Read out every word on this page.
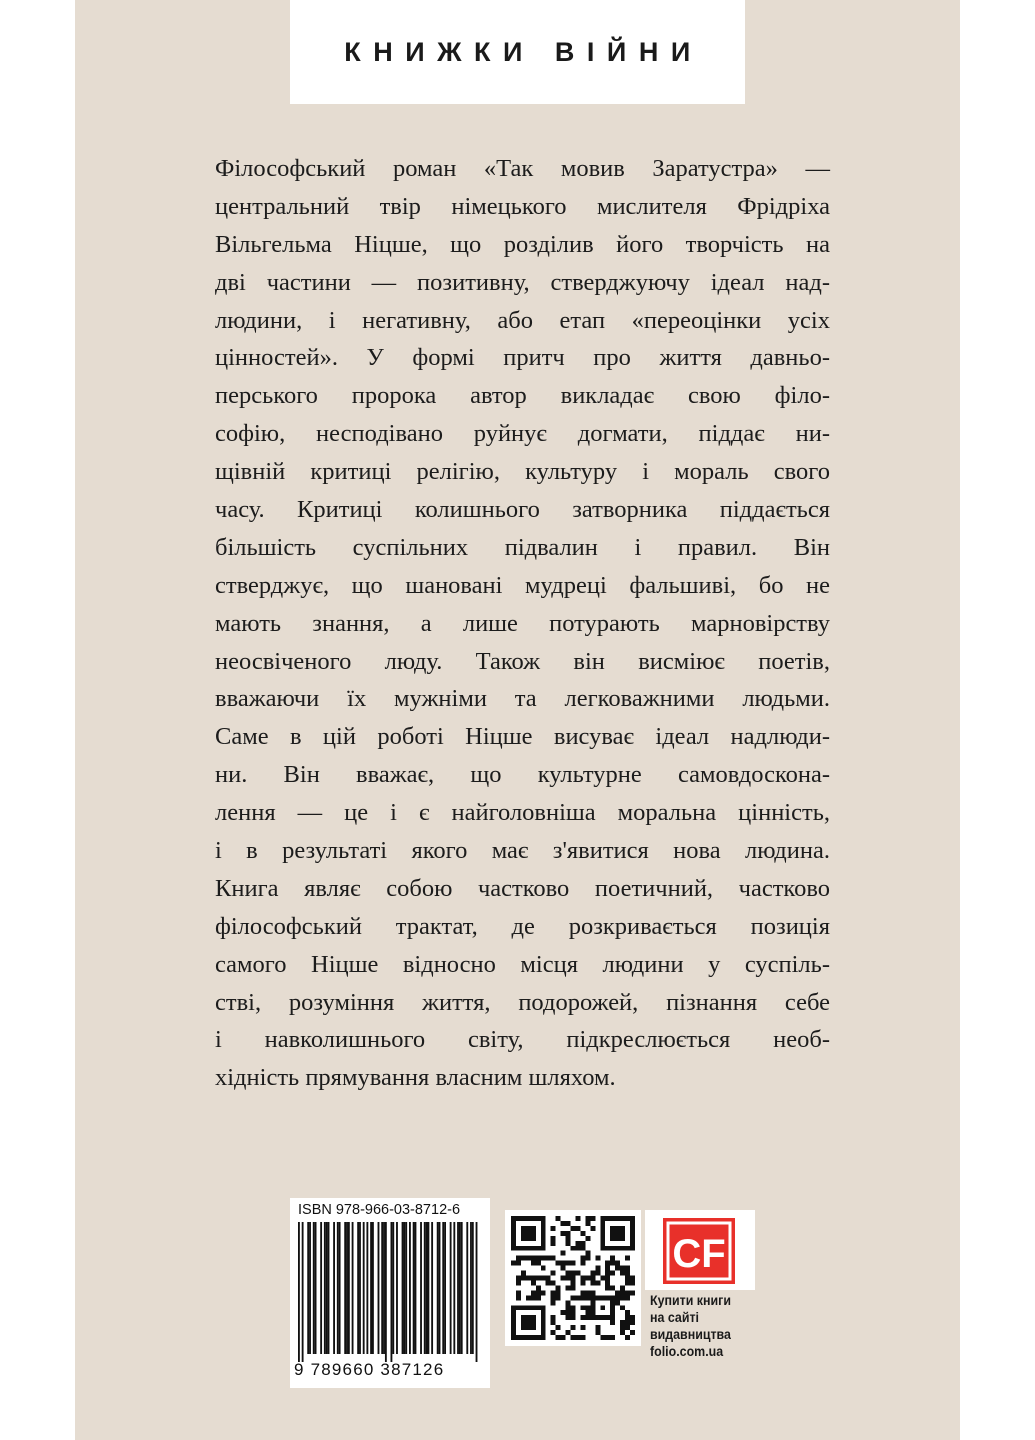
КНИЖКИ ВІЙНИ
Філософський роман «Так мовив Заратустра» —
центральний твір німецького мислителя Фрідріха
Вільгельма Ніцше, що розділив його творчість на
дві частини — позитивну, стверджуючу ідеал над-
людини, і негативну, або етап «переоцінки усіх
цінностей». У формі притч про життя давньо-
перського пророка автор викладає свою філо-
софію, несподівано руйнує догмати, піддає ни-
щівній критиці релігію, культуру і мораль свого
часу. Критиці колишнього затворника піддається
більшість суспільних підвалин і правил. Він
стверджує, що шановані мудреці фальшиві, бо не
мають знання, а лише потурають марновірству
неосвіченого люду. Також він висміює поетів,
вважаючи їх мужніми та легковажними людьми.
Саме в цій роботі Ніцше висуває ідеал надлюди-
ни. Він вважає, що культурне самовдоскона-
лення — це і є найголовніша моральна цінність,
і в результаті якого має з'явитися нова людина.
Книга являє собою частково поетичний, частково
філософський трактат, де розкривається позиція
самого Ніцше відносно місця людини у суспіль-
стві, розуміння життя, подорожей, пізнання себе
і навколишнього світу, підкреслюється необ-
хідність прямування власним шляхом.
ISBN 978-966-03-8712-6
9 789660 387126
CF
Купити книги
на сайті
видавництва
folio.com.ua
